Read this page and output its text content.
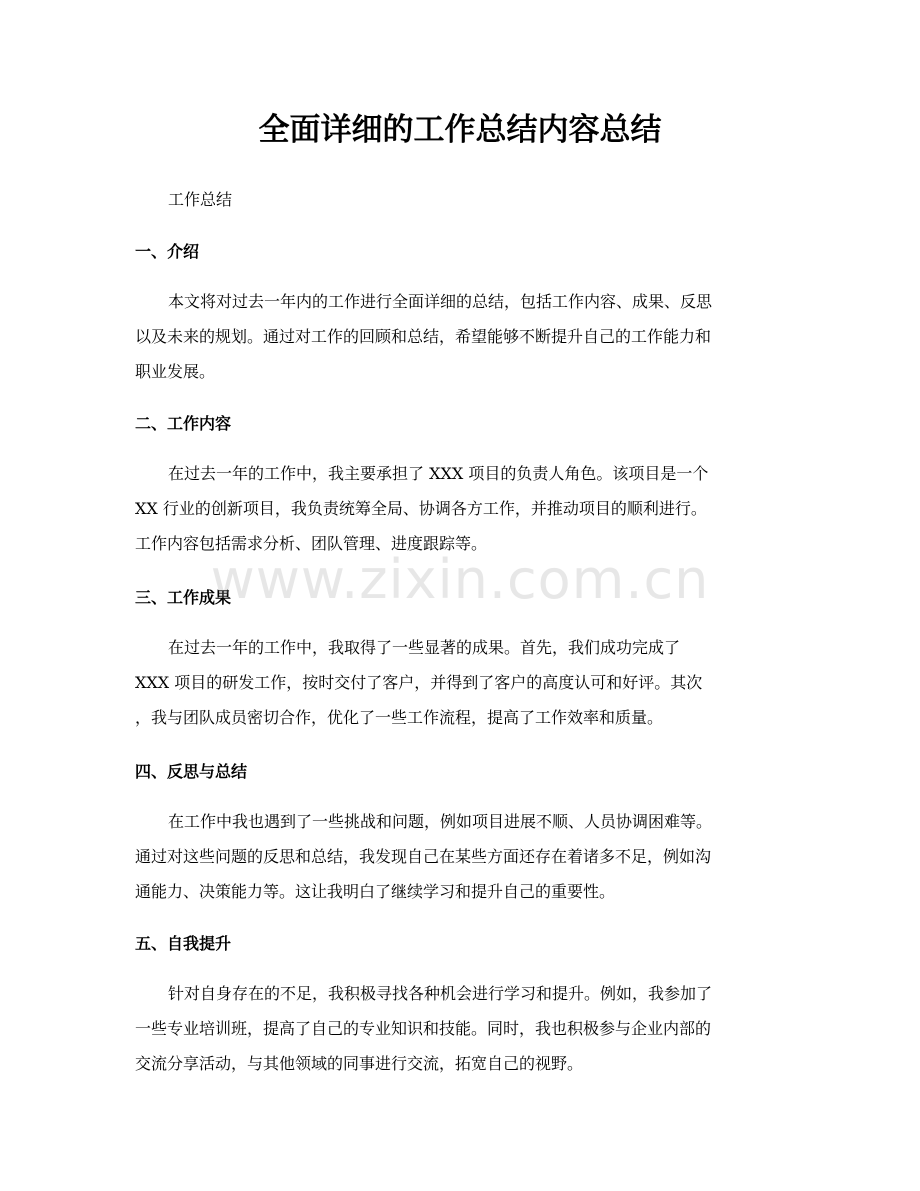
全面详细的工作总结内容总结

工作总结

一、介绍

本文将对过去一年内的工作进行全面详细的总结，包括工作内容、成果、反思
以及未来的规划。通过对工作的回顾和总结，希望能够不断提升自己的工作能力和
职业发展。

二、工作内容

在过去一年的工作中，我主要承担了 XXX 项目的负责人角色。该项目是一个
XX 行业的创新项目，我负责统筹全局、协调各方工作，并推动项目的顺利进行。
工作内容包括需求分析、团队管理、进度跟踪等。

三、工作成果

在过去一年的工作中，我取得了一些显著的成果。首先，我们成功完成了
XXX 项目的研发工作，按时交付了客户，并得到了客户的高度认可和好评。其次
，我与团队成员密切合作，优化了一些工作流程，提高了工作效率和质量。

四、反思与总结

在工作中我也遇到了一些挑战和问题，例如项目进展不顺、人员协调困难等。
通过对这些问题的反思和总结，我发现自己在某些方面还存在着诸多不足，例如沟
通能力、决策能力等。这让我明白了继续学习和提升自己的重要性。

五、自我提升

针对自身存在的不足，我积极寻找各种机会进行学习和提升。例如，我参加了
一些专业培训班，提高了自己的专业知识和技能。同时，我也积极参与企业内部的
交流分享活动，与其他领域的同事进行交流，拓宽自己的视野。

www.zixin.com.cn
